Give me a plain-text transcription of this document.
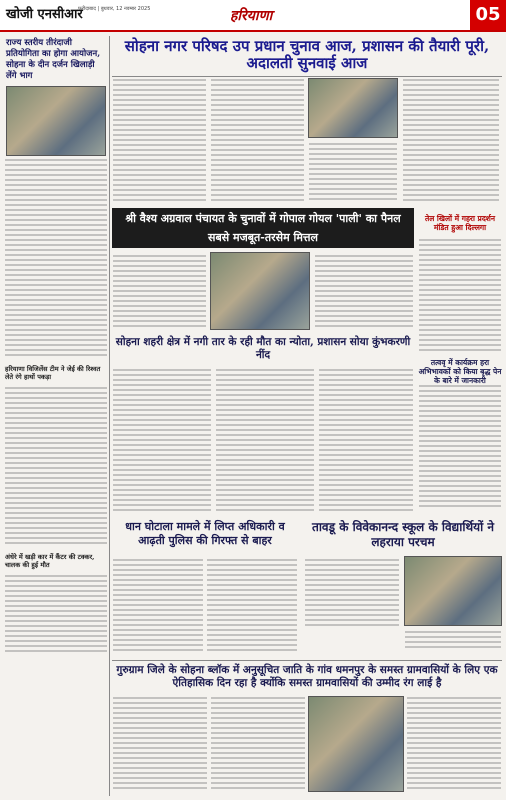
खोजी एनसीआर
फरीदाबाद | बुधवार, 12 नवम्बर 2025	हरियाणा	05
राज्य स्तरीय तीरंदाजी प्रतियोगिता का होगा आयोजन, सोहना के दीन दर्जन खिलाड़ी लेंगे भाग
हरियाणा विजिलेंस टीम ने जेई की रिश्वत लेते रंगे हाथों पकड़ा
अंधेरे में खड़ी कार में कैंटर की टक्कर, चालक की हुई मौत
सोहना नगर परिषद उप प्रधान चुनाव आज, प्रशासन की तैयारी पूरी, अदालती सुनवाई आज
श्री वैश्य अग्रवाल पंचायत के चुनावों में गोपाल गोयल 'पाली' का पैनल सबसे मजबूत-तरसेम मित्तल
तेल खिलों में गहरा प्रदर्शन मंडित हुआ दिल्लगा
सोहना शहरी क्षेत्र में नगी तार के रही मौत का न्योता, प्रशासन सोया कुंभकरणी नींद
तत्ववृ में कार्यक्रम हरा अभिभावकों को किया बृद्ध पेन के बारे में जानकारी
धान घोटाला मामले में लिप्त अधिकारी व आढ़ती पुलिस की गिरफ्त से बाहर
तावडू के विवेकानन्द स्कूल के विद्यार्थियों ने लहराया परचम
गुरुग्राम जिले के सोहना ब्लॉक में अनुसूचित जाति के गांव धमनपुर के समस्त ग्रामवासियों के लिए एक ऐतिहासिक दिन रहा है क्योंकि समस्त ग्रामवासियों की उम्मीद रंग लाई है
